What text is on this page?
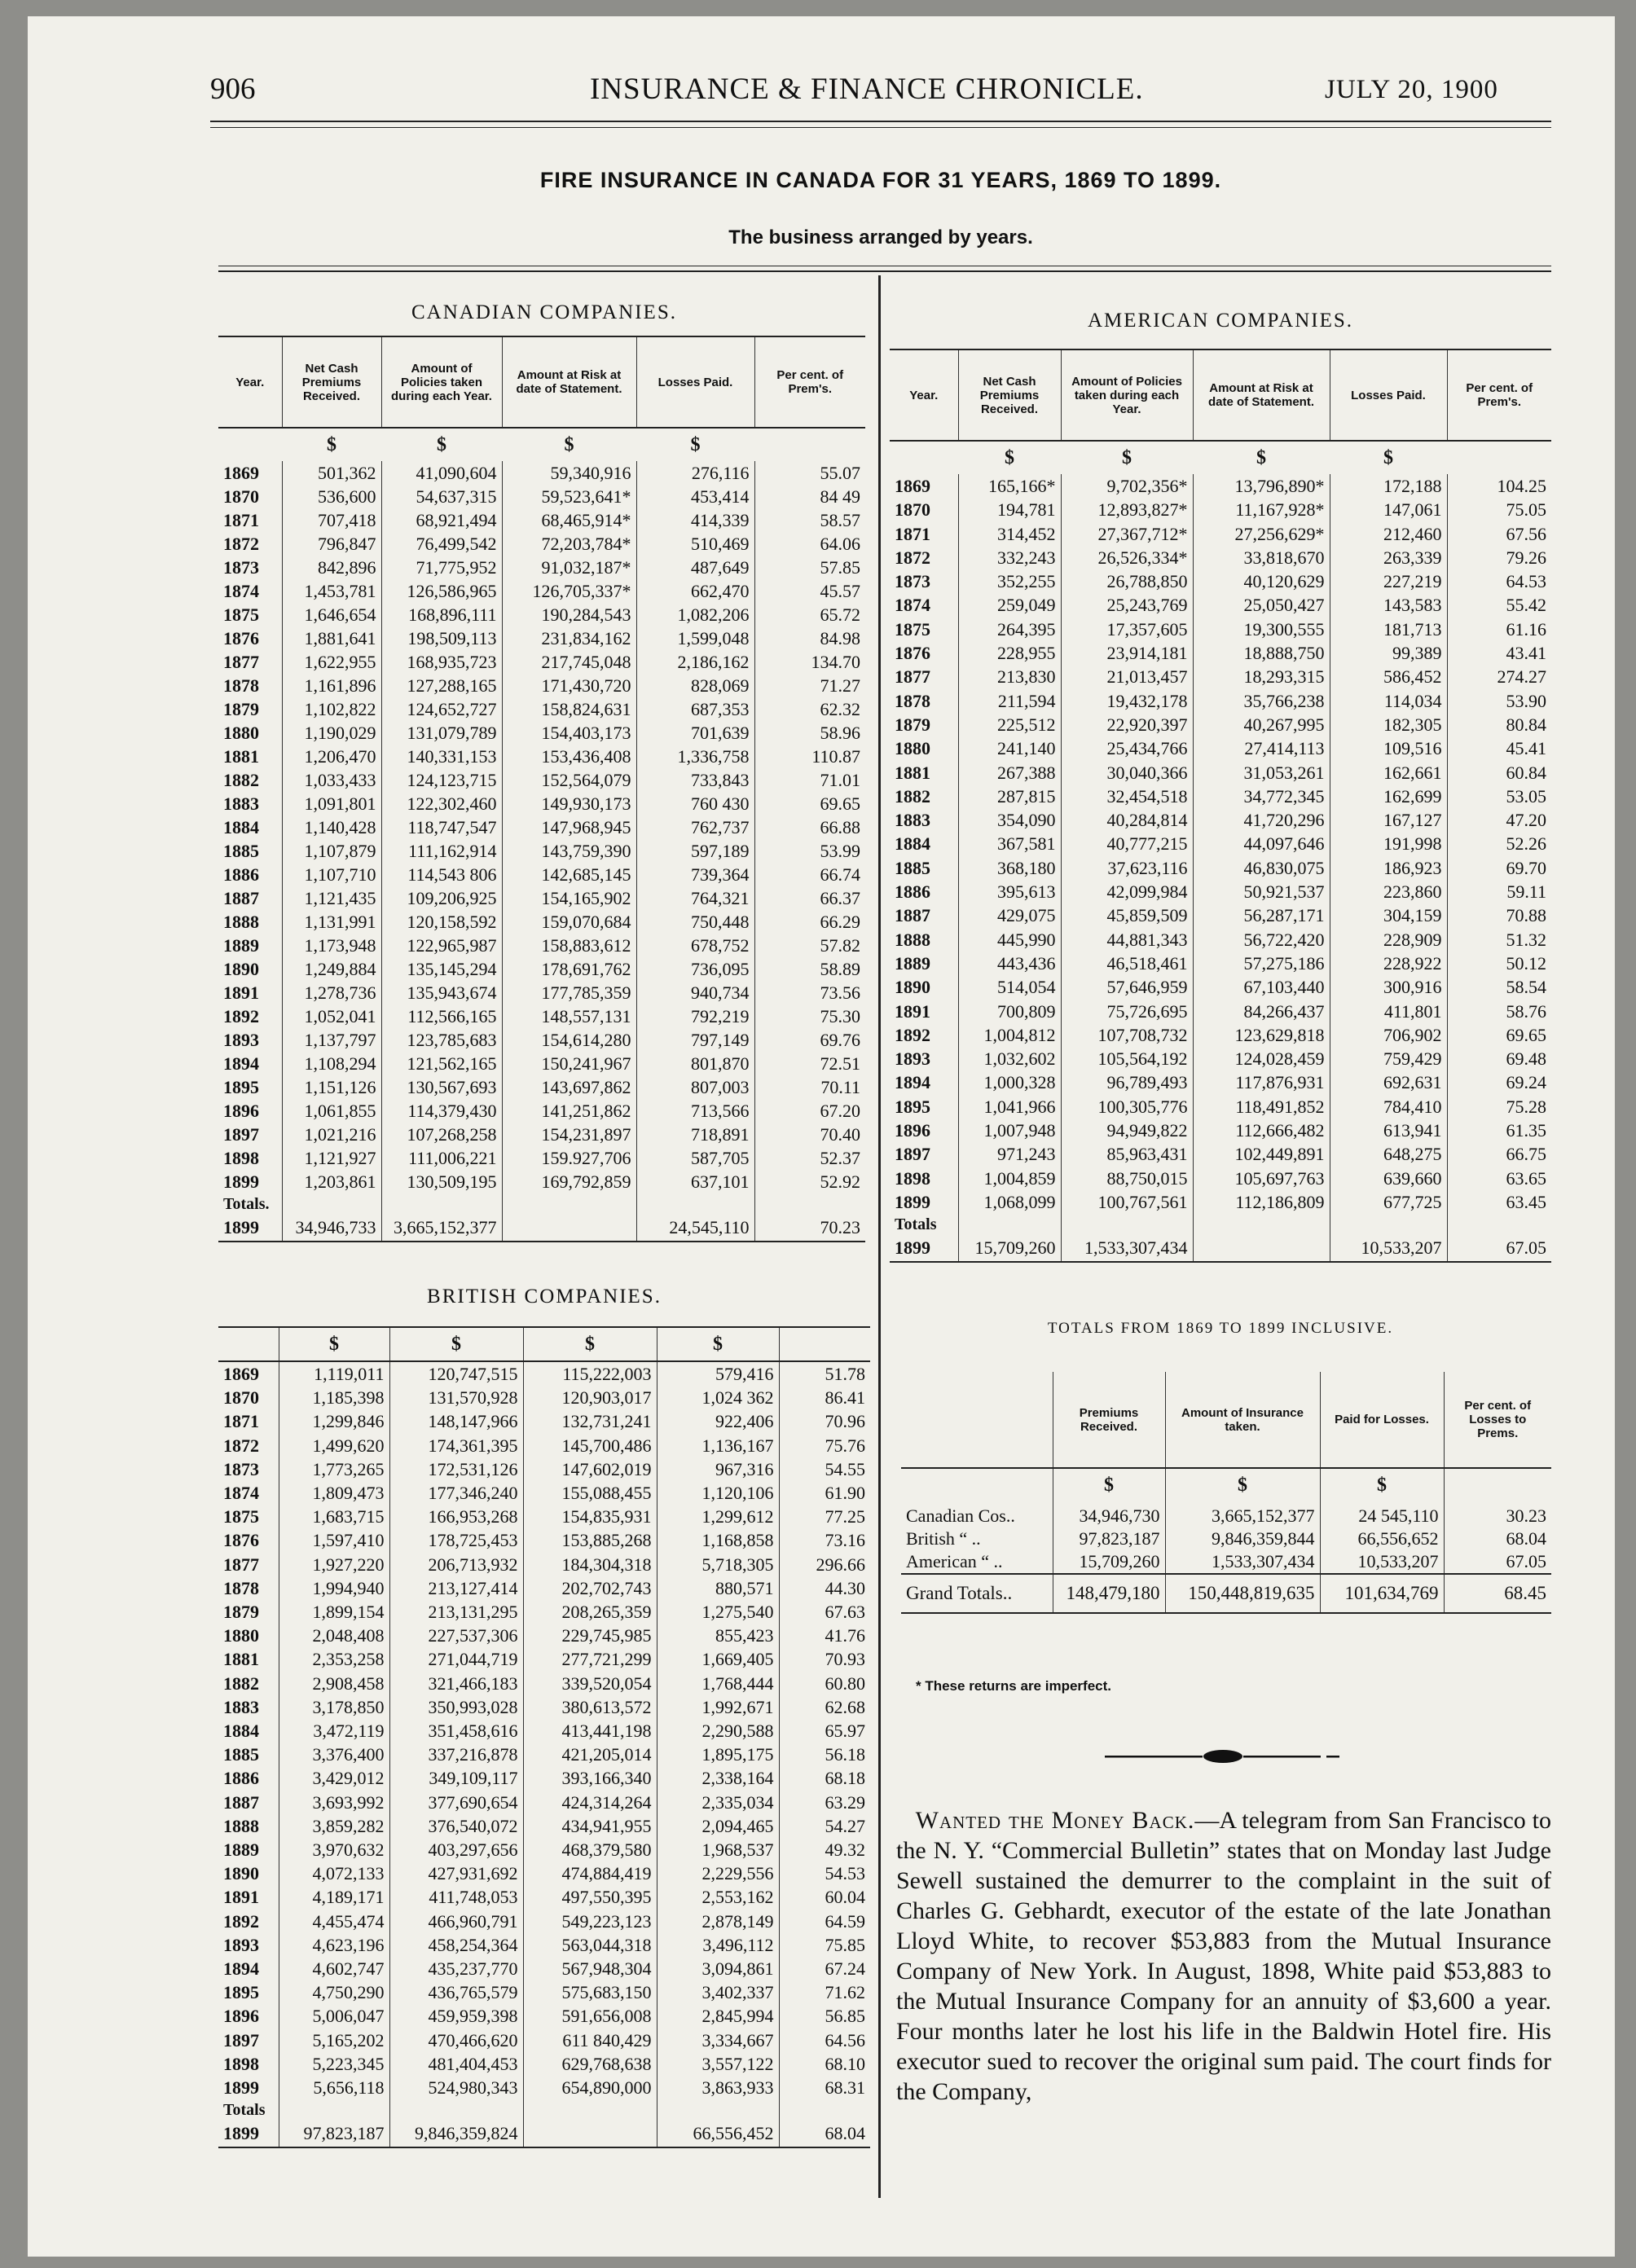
906	INSURANCE & FINANCE CHRONICLE.	JULY 20, 1900
FIRE INSURANCE IN CANADA FOR 31 YEARS, 1869 TO 1899.
The business arranged by years.
CANADIAN COMPANIES.
Year.	Net Cash Premiums Received.	Amount of Policies taken during each Year.	Amount at Risk at date of Statement.	Losses Paid.	Per cent. of Prem's.
	$	$	$	$	
1869	501,362	41,090,604	59,340,916	276,116	55.07
1870	536,600	54,637,315	59,523,641*	453,414	84 49
1871	707,418	68,921,494	68,465,914*	414,339	58.57
1872	796,847	76,499,542	72,203,784*	510,469	64.06
1873	842,896	71,775,952	91,032,187*	487,649	57.85
1874	1,453,781	126,586,965	126,705,337*	662,470	45.57
1875	1,646,654	168,896,111	190,284,543	1,082,206	65.72
1876	1,881,641	198,509,113	231,834,162	1,599,048	84.98
1877	1,622,955	168,935,723	217,745,048	2,186,162	134.70
1878	1,161,896	127,288,165	171,430,720	828,069	71.27
1879	1,102,822	124,652,727	158,824,631	687,353	62.32
1880	1,190,029	131,079,789	154,403,173	701,639	58.96
1881	1,206,470	140,331,153	153,436,408	1,336,758	110.87
1882	1,033,433	124,123,715	152,564,079	733,843	71.01
1883	1,091,801	122,302,460	149,930,173	760 430	69.65
1884	1,140,428	118,747,547	147,968,945	762,737	66.88
1885	1,107,879	111,162,914	143,759,390	597,189	53.99
1886	1,107,710	114,543 806	142,685,145	739,364	66.74
1887	1,121,435	109,206,925	154,165,902	764,321	66.37
1888	1,131,991	120,158,592	159,070,684	750,448	66.29
1889	1,173,948	122,965,987	158,883,612	678,752	57.82
1890	1,249,884	135,145,294	178,691,762	736,095	58.89
1891	1,278,736	135,943,674	177,785,359	940,734	73.56
1892	1,052,041	112,566,165	148,557,131	792,219	75.30
1893	1,137,797	123,785,683	154,614,280	797,149	69.76
1894	1,108,294	121,562,165	150,241,967	801,870	72.51
1895	1,151,126	130,567,693	143,697,862	807,003	70.11
1896	1,061,855	114,379,430	141,251,862	713,566	67.20
1897	1,021,216	107,268,258	154,231,897	718,891	70.40
1898	1,121,927	111,006,221	159.927,706	587,705	52.37
1899	1,203,861	130,509,195	169,792,859	637,101	52.92
Totals.					
1899	34,946,733	3,665,152,377		24,545,110	70.23
AMERICAN COMPANIES.
Year.	Net Cash Premiums Received.	Amount of Policies taken during each Year.	Amount at Risk at date of Statement.	Losses Paid.	Per cent. of Prem's.
	$	$	$	$	
1869	165,166*	9,702,356*	13,796,890*	172,188	104.25
1870	194,781	12,893,827*	11,167,928*	147,061	75.05
1871	314,452	27,367,712*	27,256,629*	212,460	67.56
1872	332,243	26,526,334*	33,818,670	263,339	79.26
1873	352,255	26,788,850	40,120,629	227,219	64.53
1874	259,049	25,243,769	25,050,427	143,583	55.42
1875	264,395	17,357,605	19,300,555	181,713	61.16
1876	228,955	23,914,181	18,888,750	99,389	43.41
1877	213,830	21,013,457	18,293,315	586,452	274.27
1878	211,594	19,432,178	35,766,238	114,034	53.90
1879	225,512	22,920,397	40,267,995	182,305	80.84
1880	241,140	25,434,766	27,414,113	109,516	45.41
1881	267,388	30,040,366	31,053,261	162,661	60.84
1882	287,815	32,454,518	34,772,345	162,699	53.05
1883	354,090	40,284,814	41,720,296	167,127	47.20
1884	367,581	40,777,215	44,097,646	191,998	52.26
1885	368,180	37,623,116	46,830,075	186,923	69.70
1886	395,613	42,099,984	50,921,537	223,860	59.11
1887	429,075	45,859,509	56,287,171	304,159	70.88
1888	445,990	44,881,343	56,722,420	228,909	51.32
1889	443,436	46,518,461	57,275,186	228,922	50.12
1890	514,054	57,646,959	67,103,440	300,916	58.54
1891	700,809	75,726,695	84,266,437	411,801	58.76
1892	1,004,812	107,708,732	123,629,818	706,902	69.65
1893	1,032,602	105,564,192	124,028,459	759,429	69.48
1894	1,000,328	96,789,493	117,876,931	692,631	69.24
1895	1,041,966	100,305,776	118,491,852	784,410	75.28
1896	1,007,948	94,949,822	112,666,482	613,941	61.35
1897	971,243	85,963,431	102,449,891	648,275	66.75
1898	1,004,859	88,750,015	105,697,763	639,660	63.65
1899	1,068,099	100,767,561	112,186,809	677,725	63.45
Totals					
1899	15,709,260	1,533,307,434		10,533,207	67.05
BRITISH COMPANIES.
	$	$	$	$	
1869	1,119,011	120,747,515	115,222,003	579,416	51.78
1870	1,185,398	131,570,928	120,903,017	1,024 362	86.41
1871	1,299,846	148,147,966	132,731,241	922,406	70.96
1872	1,499,620	174,361,395	145,700,486	1,136,167	75.76
1873	1,773,265	172,531,126	147,602,019	967,316	54.55
1874	1,809,473	177,346,240	155,088,455	1,120,106	61.90
1875	1,683,715	166,953,268	154,835,931	1,299,612	77.25
1876	1,597,410	178,725,453	153,885,268	1,168,858	73.16
1877	1,927,220	206,713,932	184,304,318	5,718,305	296.66
1878	1,994,940	213,127,414	202,702,743	880,571	44.30
1879	1,899,154	213,131,295	208,265,359	1,275,540	67.63
1880	2,048,408	227,537,306	229,745,985	855,423	41.76
1881	2,353,258	271,044,719	277,721,299	1,669,405	70.93
1882	2,908,458	321,466,183	339,520,054	1,768,444	60.80
1883	3,178,850	350,993,028	380,613,572	1,992,671	62.68
1884	3,472,119	351,458,616	413,441,198	2,290,588	65.97
1885	3,376,400	337,216,878	421,205,014	1,895,175	56.18
1886	3,429,012	349,109,117	393,166,340	2,338,164	68.18
1887	3,693,992	377,690,654	424,314,264	2,335,034	63.29
1888	3,859,282	376,540,072	434,941,955	2,094,465	54.27
1889	3,970,632	403,297,656	468,379,580	1,968,537	49.32
1890	4,072,133	427,931,692	474,884,419	2,229,556	54.53
1891	4,189,171	411,748,053	497,550,395	2,553,162	60.04
1892	4,455,474	466,960,791	549,223,123	2,878,149	64.59
1893	4,623,196	458,254,364	563,044,318	3,496,112	75.85
1894	4,602,747	435,237,770	567,948,304	3,094,861	67.24
1895	4,750,290	436,765,579	575,683,150	3,402,337	71.62
1896	5,006,047	459,959,398	591,656,008	2,845,994	56.85
1897	5,165,202	470,466,620	611 840,429	3,334,667	64.56
1898	5,223,345	481,404,453	629,768,638	3,557,122	68.10
1899	5,656,118	524,980,343	654,890,000	3,863,933	68.31
Totals					
1899	97,823,187	9,846,359,824		66,556,452	68.04
TOTALS FROM 1869 TO 1899 INCLUSIVE.
	Premiums Received.	Amount of Insurance taken.	Paid for Losses.	Per cent. of Losses to Prems.
	$	$	$	
Canadian Cos..	34,946,730	3,665,152,377	24 545,110	30.23
British “ ..	97,823,187	9,846,359,844	66,556,652	68.04
American “ ..	15,709,260	1,533,307,434	10,533,207	67.05
Grand Totals..	148,479,180	150,448,819,635	101,634,769	68.45
* These returns are imperfect.
Wanted the Money Back.—A telegram from San Francisco to the N. Y. “Commercial Bulletin” states that on Monday last Judge Sewell sustained the demurrer to the complaint in the suit of Charles G. Gebhardt, executor of the estate of the late Jonathan Lloyd White, to recover $53,883 from the Mutual Insurance Company of New York. In August, 1898, White paid $53,883 to the Mutual Insurance Company for an annuity of $3,600 a year. Four months later he lost his life in the Baldwin Hotel fire. His executor sued to recover the original sum paid. The court finds for the Company,
